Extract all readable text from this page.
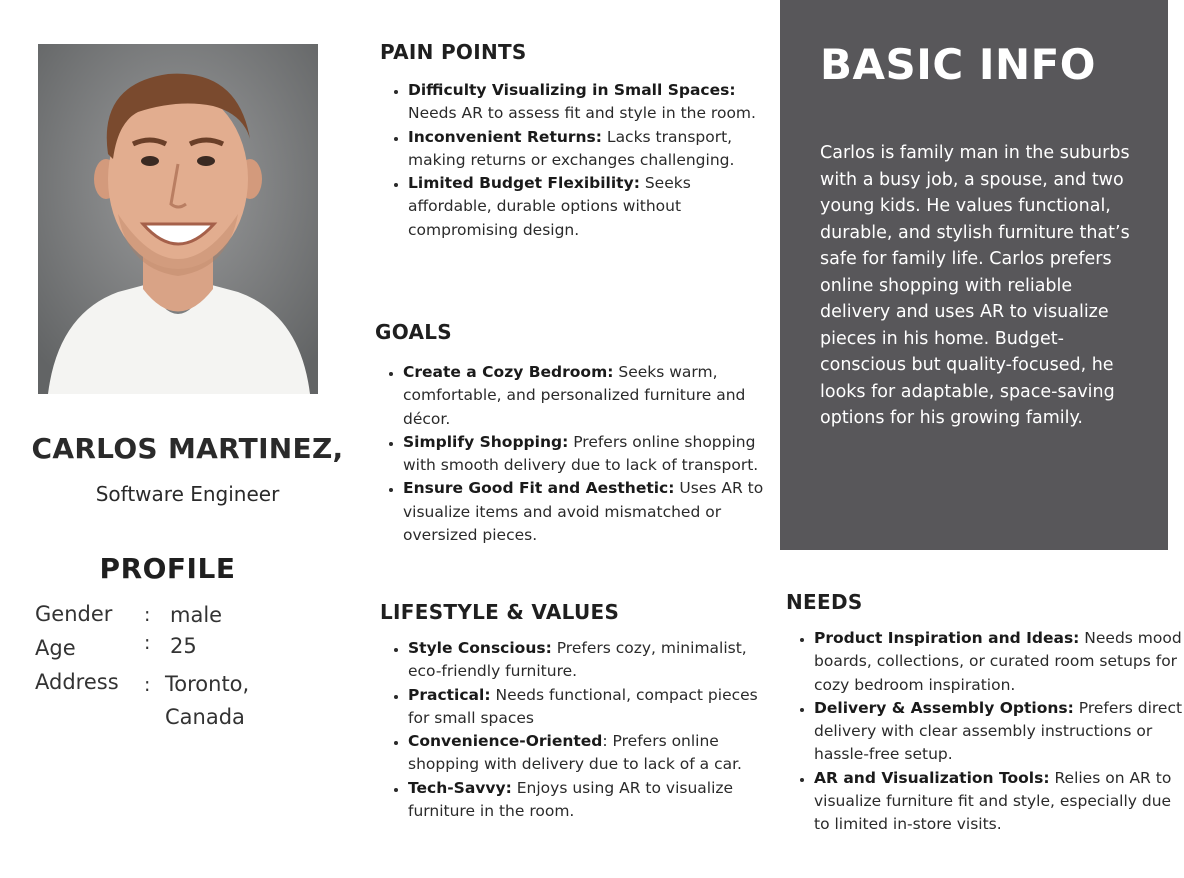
CARLOS MARTINEZ,
Software Engineer
PROFILE
Gender : male
Age	: 25
Address : Toronto,
Canada
PAIN POINTS
• Difficulty Visualizing in Small Spaces: Needs AR to assess fit and style in the room.
• Inconvenient Returns: Lacks transport, making returns or exchanges challenging.
• Limited Budget Flexibility: Seeks affordable, durable options without compromising design.
GOALS
• Create a Cozy Bedroom: Seeks warm, comfortable, and personalized furniture and décor.
• Simplify Shopping: Prefers online shopping with smooth delivery due to lack of transport.
• Ensure Good Fit and Aesthetic: Uses AR to visualize items and avoid mismatched or oversized pieces.
LIFESTYLE & VALUES
• Style Conscious: Prefers cozy, minimalist, eco-friendly furniture.
• Practical: Needs functional, compact pieces for small spaces
• Convenience-Oriented: Prefers online shopping with delivery due to lack of a car.
• Tech-Savvy: Enjoys using AR to visualize furniture in the room.
BASIC INFO
Carlos is family man in the suburbs with a busy job, a spouse, and two young kids. He values functional, durable, and stylish furniture that’s safe for family life. Carlos prefers online shopping with reliable delivery and uses AR to visualize pieces in his home. Budget-conscious but quality-focused, he looks for adaptable, space-saving options for his growing family.
NEEDS
• Product Inspiration and Ideas: Needs mood boards, collections, or curated room setups for cozy bedroom inspiration.
• Delivery & Assembly Options: Prefers direct delivery with clear assembly instructions or hassle-free setup.
• AR and Visualization Tools: Relies on AR to visualize furniture fit and style, especially due to limited in-store visits.
